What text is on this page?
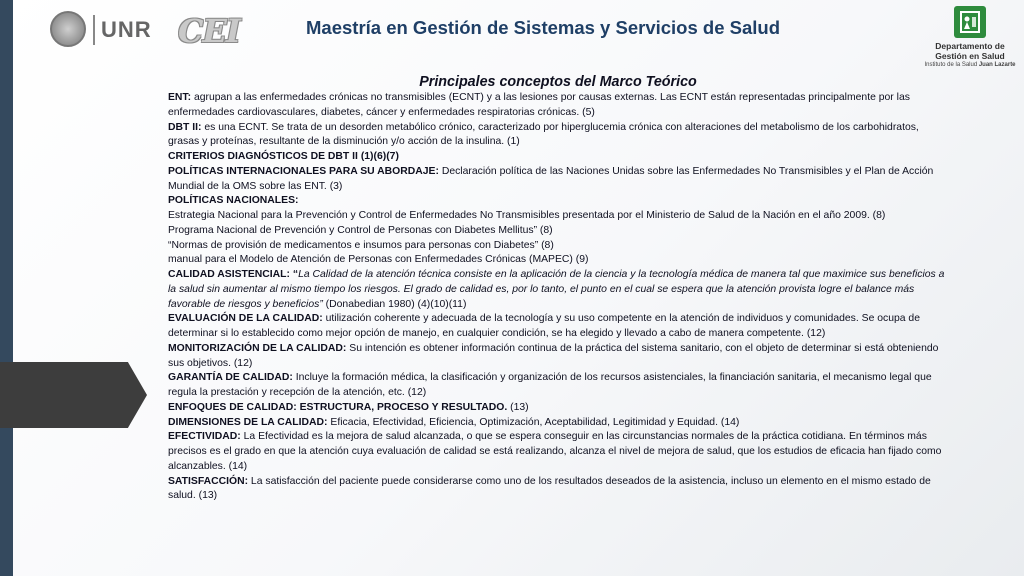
UNR CEI	Maestría en Gestión de Sistemas y Servicios de Salud
Departamento de
Gestión en Salud
Instituto de la Salud Juan Lazarte
Principales conceptos del Marco Teórico

ENT: agrupan a las enfermedades crónicas no transmisibles (ECNT) y a las lesiones por causas externas. Las ECNT están representadas principalmente por las enfermedades cardiovasculares, diabetes, cáncer y enfermedades respiratorias crónicas. (5)

DBT II: es una ECNT. Se trata de un desorden metabólico crónico, caracterizado por hiperglucemia crónica con alteraciones del metabolismo de los carbohidratos, grasas y proteínas, resultante de la disminución y/o acción de la insulina. (1)

CRITERIOS DIAGNÓSTICOS DE DBT II (1)(6)(7)

POLÍTICAS INTERNACIONALES PARA SU ABORDAJE: Declaración política de las Naciones Unidas sobre las Enfermedades No Transmisibles y el Plan de Acción Mundial de la OMS sobre las ENT. (3)

POLÍTICAS NACIONALES:

Estrategia Nacional para la Prevención y Control de Enfermedades No Transmisibles presentada por el Ministerio de Salud de la Nación en el año 2009. (8)

Programa Nacional de Prevención y Control de Personas con Diabetes Mellitus” (8)

“Normas de provisión de medicamentos e insumos para personas con Diabetes” (8)

manual para el Modelo de Atención de Personas con Enfermedades Crónicas (MAPEC) (9)

CALIDAD ASISTENCIAL: “La Calidad de la atención técnica consiste en la aplicación de la ciencia y la tecnología médica de manera tal que maximice sus beneficios a la salud sin aumentar al mismo tiempo los riesgos. El grado de calidad es, por lo tanto, el punto en el cual se espera que la atención provista logre el balance más favorable de riesgos y beneficios” (Donabedian 1980) (4)(10)(11)

EVALUACIÓN DE LA CALIDAD: utilización coherente y adecuada de la tecnología y su uso competente en la atención de individuos y comunidades. Se ocupa de determinar si lo establecido como mejor opción de manejo, en cualquier condición, se ha elegido y llevado a cabo de manera competente. (12)

MONITORIZACIÓN DE LA CALIDAD: Su intención es obtener información continua de la práctica del sistema sanitario, con el objeto de determinar si está obteniendo sus objetivos. (12)

GARANTÍA DE CALIDAD: Incluye la formación médica, la clasificación y organización de los recursos asistenciales, la financiación sanitaria, el mecanismo legal que regula la prestación y recepción de la atención, etc. (12)

ENFOQUES DE CALIDAD: ESTRUCTURA, PROCESO Y RESULTADO. (13)

DIMENSIONES DE LA CALIDAD: Eficacia, Efectividad, Eficiencia, Optimización, Aceptabilidad, Legitimidad y Equidad. (14)

EFECTIVIDAD: La Efectividad es la mejora de salud alcanzada, o que se espera conseguir en las circunstancias normales de la práctica cotidiana. En términos más precisos es el grado en que la atención cuya evaluación de calidad se está realizando, alcanza el nivel de mejora de salud, que los estudios de eficacia han fijado como alcanzables. (14)

SATISFACCIÓN: La satisfacción del paciente puede considerarse como uno de los resultados deseados de la asistencia, incluso un elemento en el mismo estado de salud. (13)
